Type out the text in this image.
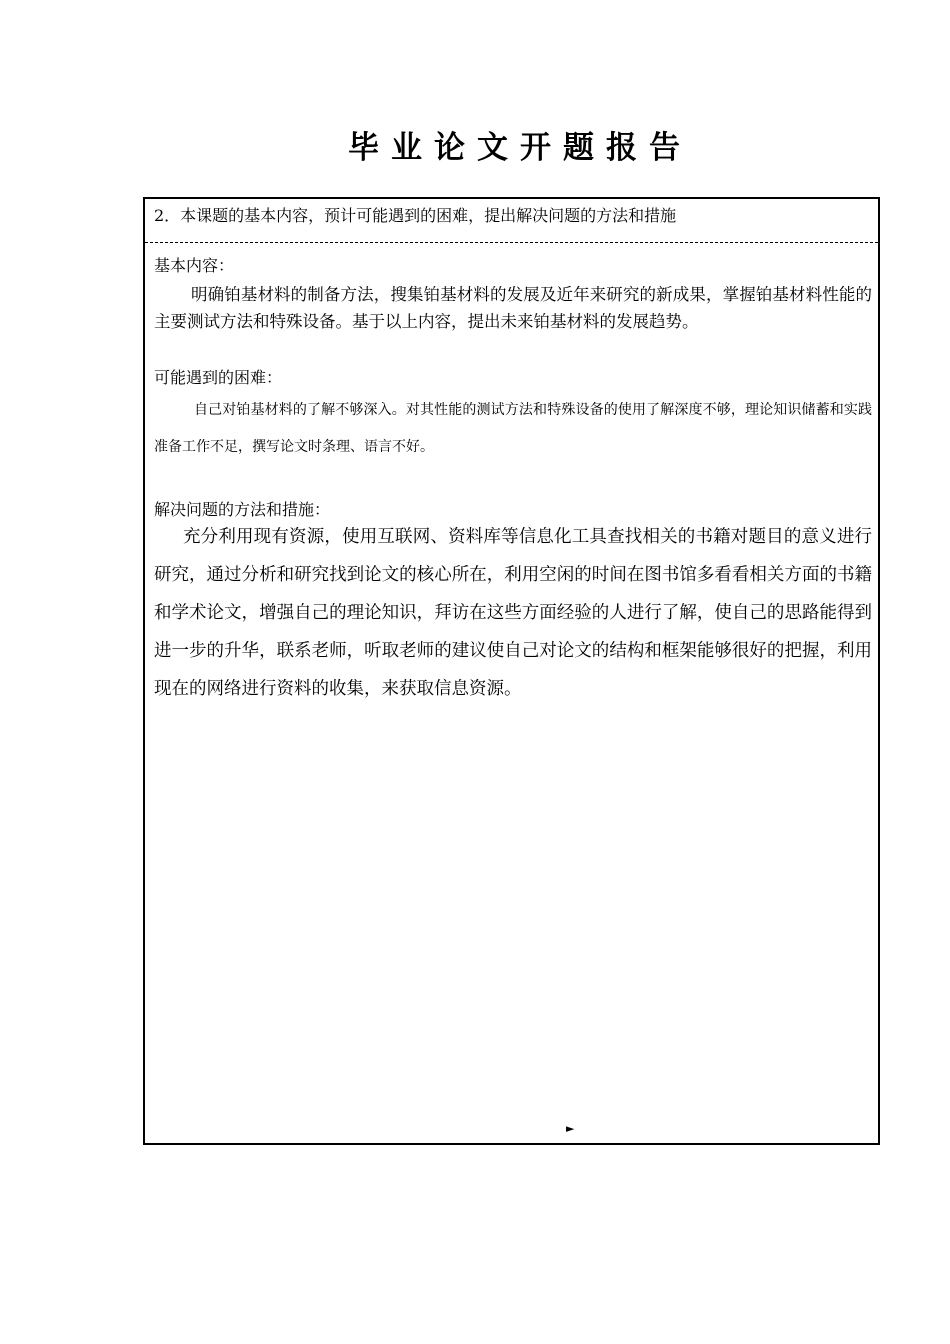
毕业论文开题报告
2．本课题的基本内容，预计可能遇到的困难，提出解决问题的方法和措施

基本内容：

明确铂基材料的制备方法，搜集铂基材料的发展及近年来研究的新成果，掌握铂基材料性能的主要测试方法和特殊设备。基于以上内容，提出未来铂基材料的发展趋势。

可能遇到的困难：

自己对铂基材料的了解不够深入。对其性能的测试方法和特殊设备的使用了解深度不够，理论知识储蓄和实践准备工作不足，撰写论文时条理、语言不好。

解决问题的方法和措施：

充分利用现有资源，使用互联网、资料库等信息化工具查找相关的书籍对题目的意义进行研究，通过分析和研究找到论文的核心所在，利用空闲的时间在图书馆多看看相关方面的书籍和学术论文，增强自己的理论知识，拜访在这些方面经验的人进行了解，使自己的思路能得到进一步的升华，联系老师，听取老师的建议使自己对论文的结构和框架能够很好的把握，利用现在的网络进行资料的收集，来获取信息资源。

►
